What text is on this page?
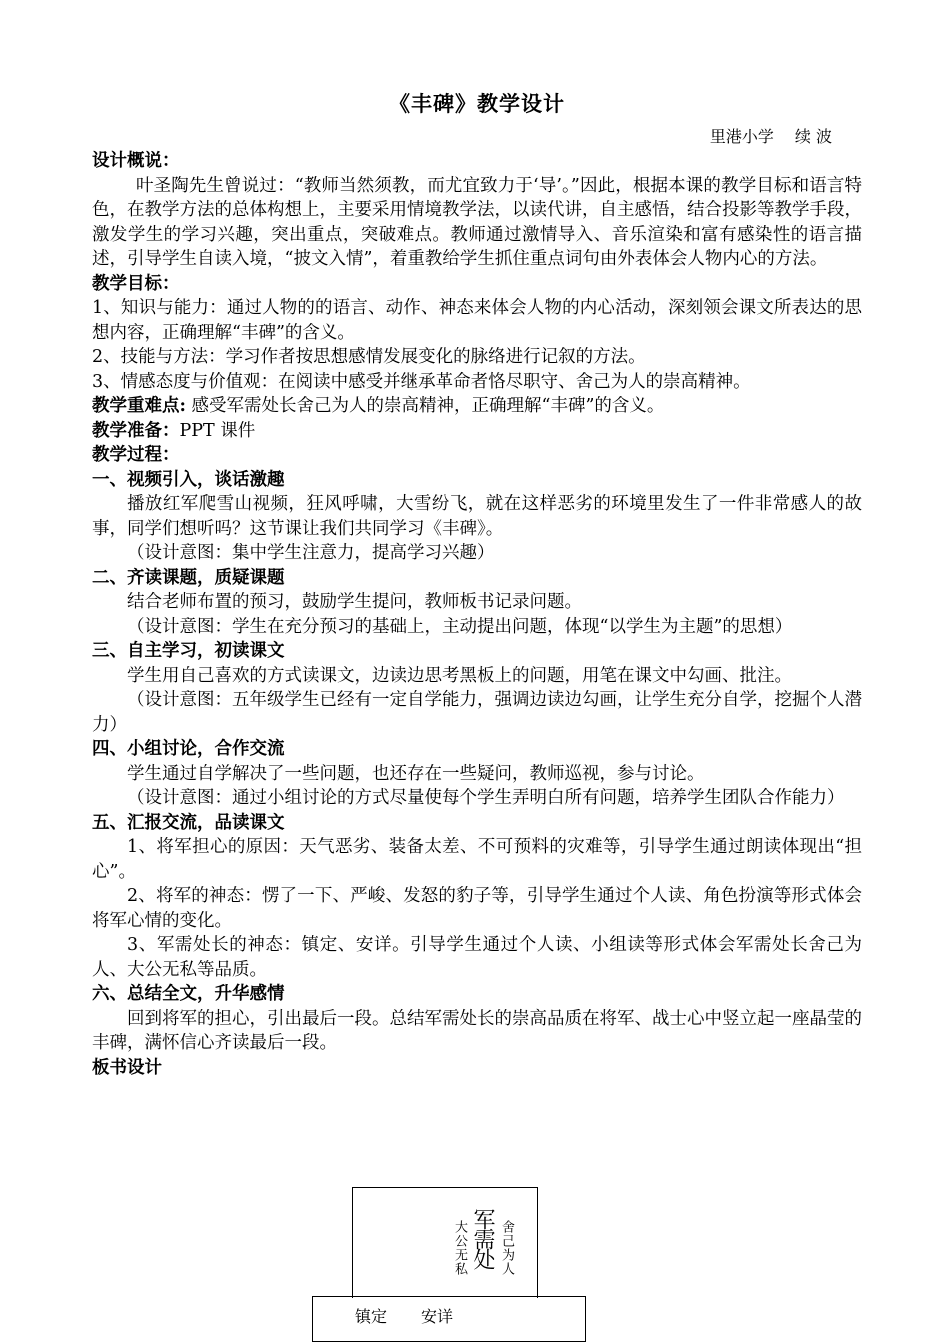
《丰碑》教学设计

里港小学　 续 波

设计概说：

叶圣陶先生曾说过：“教师当然须教，而尤宜致力于‘导’。”因此，根据本课的教学目标和语言特色，在教学方法的总体构想上，主要采用情境教学法，以读代讲，自主感悟，结合投影等教学手段，激发学生的学习兴趣，突出重点，突破难点。教师通过激情导入、音乐渲染和富有感染性的语言描述，引导学生自读入境，“披文入情”，着重教给学生抓住重点词句由外表体会人物内心的方法。

教学目标：

1、知识与能力：通过人物的的语言、动作、神态来体会人物的内心活动，深刻领会课文所表达的思想内容，正确理解“丰碑”的含义。

2、技能与方法：学习作者按思想感情发展变化的脉络进行记叙的方法。

3、情感态度与价值观：在阅读中感受并继承革命者恪尽职守、舍己为人的崇高精神。

教学重难点: 感受军需处长舍己为人的崇高精神，正确理解“丰碑”的含义。

教学准备：PPT 课件

教学过程：

一、视频引入，谈话激趣

播放红军爬雪山视频，狂风呼啸，大雪纷飞，就在这样恶劣的环境里发生了一件非常感人的故事，同学们想听吗？这节课让我们共同学习《丰碑》。

（设计意图：集中学生注意力，提高学习兴趣）

二、齐读课题，质疑课题

结合老师布置的预习，鼓励学生提问，教师板书记录问题。

（设计意图：学生在充分预习的基础上，主动提出问题，体现“以学生为主题”的思想）

三、自主学习，初读课文

学生用自己喜欢的方式读课文，边读边思考黑板上的问题，用笔在课文中勾画、批注。

（设计意图：五年级学生已经有一定自学能力，强调边读边勾画，让学生充分自学，挖掘个人潜力）

四、小组讨论，合作交流

学生通过自学解决了一些问题，也还存在一些疑问，教师巡视，参与讨论。

（设计意图：通过小组讨论的方式尽量使每个学生弄明白所有问题，培养学生团队合作能力）

五、汇报交流，品读课文

1、将军担心的原因：天气恶劣、装备太差、不可预料的灾难等，引导学生通过朗读体现出“担心”。

2、将军的神态：愣了一下、严峻、发怒的豹子等，引导学生通过个人读、角色扮演等形式体会将军心情的变化。

3、军需处长的神态：镇定、安详。引导学生通过个人读、小组读等形式体会军需处长舍己为人、大公无私等品质。

六、总结全文，升华感情

回到将军的担心，引出最后一段。总结军需处长的崇高品质在将军、战士心中竖立起一座晶莹的丰碑，满怀信心齐读最后一段。

板书设计

大公无私 军需处 舍己为人
镇定 安详
